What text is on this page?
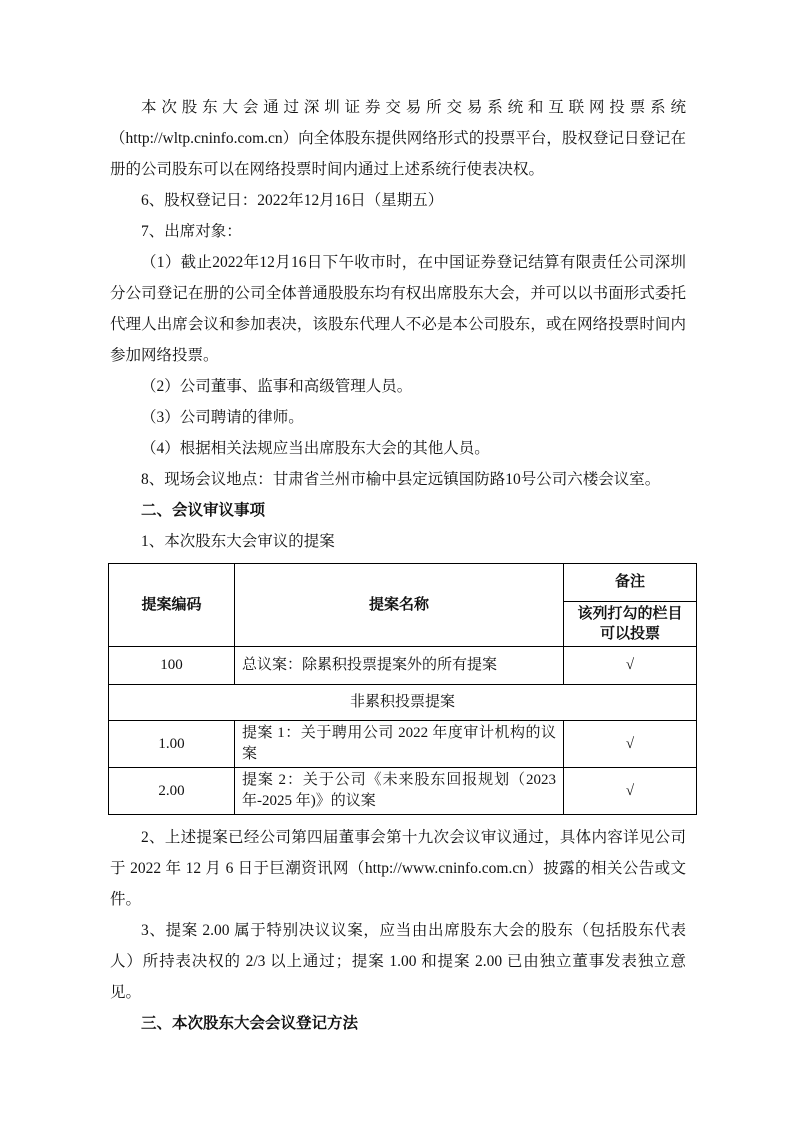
本次股东大会通过深圳证券交易所交易系统和互联网投票系统（http://wltp.cninfo.com.cn）向全体股东提供网络形式的投票平台，股权登记日登记在册的公司股东可以在网络投票时间内通过上述系统行使表决权。

6、股权登记日：2022年12月16日（星期五）

7、出席对象：

（1）截止2022年12月16日下午收市时，在中国证券登记结算有限责任公司深圳分公司登记在册的公司全体普通股股东均有权出席股东大会，并可以以书面形式委托代理人出席会议和参加表决，该股东代理人不必是本公司股东，或在网络投票时间内参加网络投票。

（2）公司董事、监事和高级管理人员。

（3）公司聘请的律师。

（4）根据相关法规应当出席股东大会的其他人员。

8、现场会议地点：甘肃省兰州市榆中县定远镇国防路10号公司六楼会议室。

二、会议审议事项

1、本次股东大会审议的提案

提案编码	提案名称	备注
		该列打勾的栏目可以投票
100	总议案：除累积投票提案外的所有提案	√
非累积投票提案		
1.00	提案 1：关于聘用公司 2022 年度审计机构的议案	√
2.00	提案 2：关于公司《未来股东回报规划（2023 年-2025 年)》的议案	√

2、上述提案已经公司第四届董事会第十九次会议审议通过，具体内容详见公司于 2022 年 12 月 6 日于巨潮资讯网（http://www.cninfo.com.cn）披露的相关公告或文件。

3、提案 2.00 属于特别决议议案，应当由出席股东大会的股东（包括股东代表人）所持表决权的 2/3 以上通过；提案 1.00 和提案 2.00 已由独立董事发表独立意见。

三、本次股东大会会议登记方法
